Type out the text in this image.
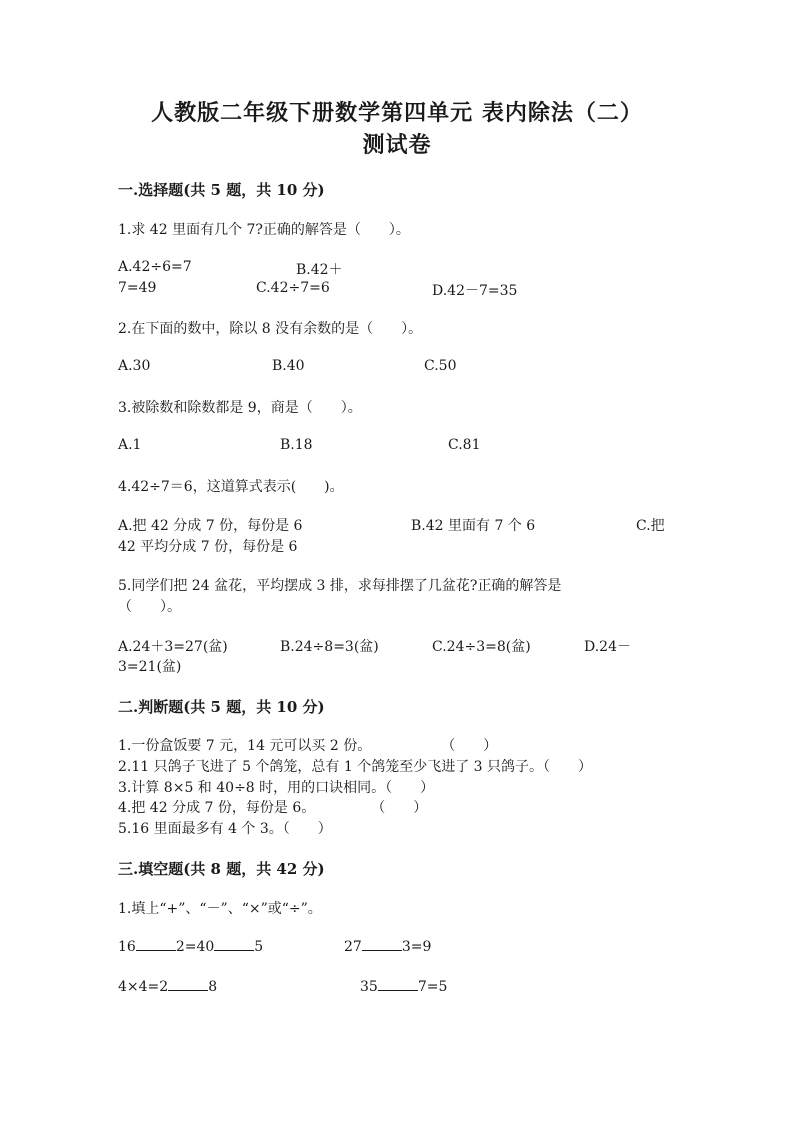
人教版二年级下册数学第四单元 表内除法（二）
测试卷
一.选择题(共 5 题，共 10 分)
1.求 42 里面有几个 7?正确的解答是（　　）。
A.42÷6=7	B.42＋
7=49	C.42÷7=6	D.42－7=35
2.在下面的数中，除以 8 没有余数的是（　　）。
A.30	B.40	C.50
3.被除数和除数都是 9，商是（　　）。
A.1	B.18	C.81
4.42÷7＝6，这道算式表示(　　)。
A.把 42 分成 7 份，每份是 6	B.42 里面有 7 个 6	C.把
42 平均分成 7 份，每份是 6
5.同学们把 24 盆花，平均摆成 3 排，求每排摆了几盆花?正确的解答是
（　　）。
A.24＋3=27(盆)	B.24÷8=3(盆)	C.24÷3=8(盆)	D.24－
3=21(盆)
二.判断题(共 5 题，共 10 分)
1.一份盒饭要 7 元，14 元可以买 2 份。　　　　　　（　　）
2.11 只鸽子飞进了 5 个鸽笼，总有 1 个鸽笼至少飞进了 3 只鸽子。（　　）
3.计算 8×5 和 40÷8 时，用的口诀相同。（　　）
4.把 42 分成 7 份，每份是 6。　　　　　（　　）
5.16 里面最多有 4 个 3。（　　）
三.填空题(共 8 题，共 42 分)
1.填上“+”、“－”、“×”或“÷”。
16	2=40	5	27	3=9
4×4=2	8	35	7=5
